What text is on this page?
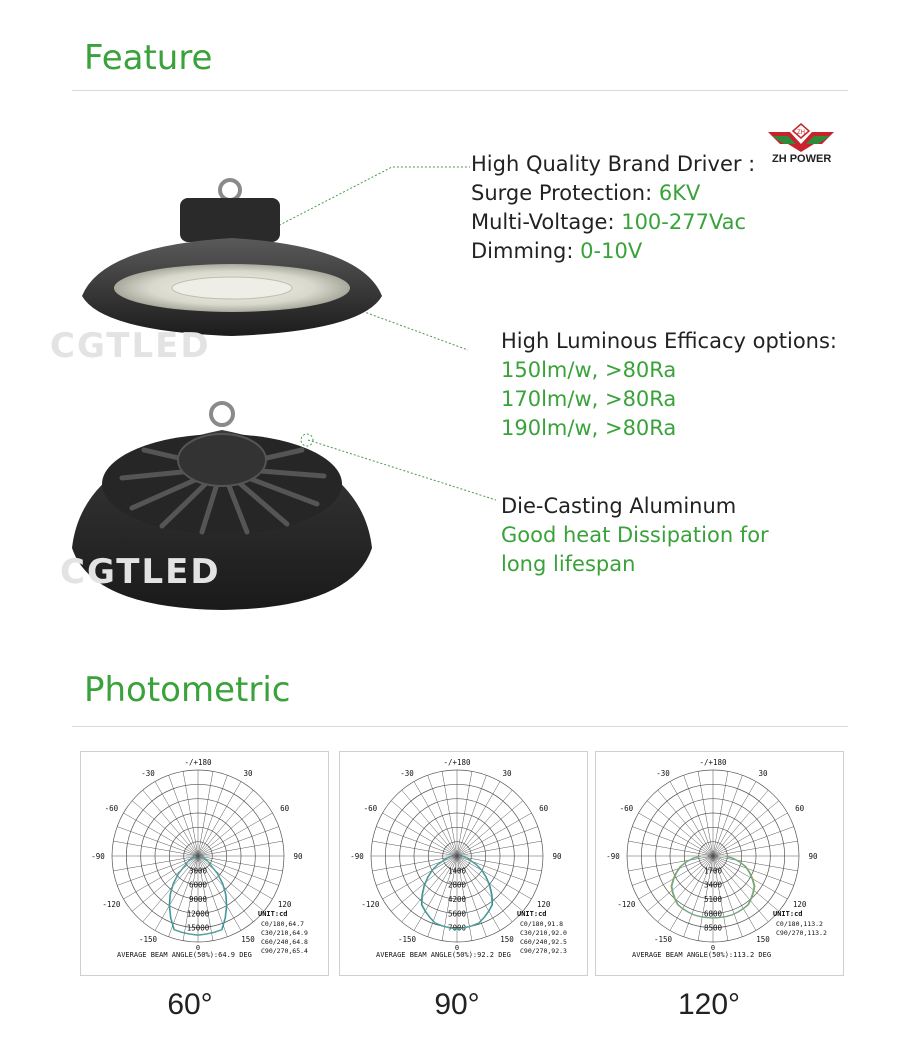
Feature
CGTLED
CGTLED
ZH
ZH POWER
High Quality Brand Driver :
Surge Protection: 6KV
Multi-Voltage: 100-277Vac
Dimming: 0-10V
High Luminous Efficacy options:
150lm/w, >80Ra
170lm/w, >80Ra
190lm/w, >80Ra
Die-Casting Aluminum
Good heat Dissipation for
long lifespan
Photometric
-/+180
-150	150
-120	120
-90	90
-60	60
-30	30
3000
6000
9000
12000
15000
0
UNIT:cd
C0/180,64.7
C30/210,64.9
C60/240,64.8
C90/270,65.4
AVERAGE BEAM ANGLE(50%):64.9 DEG
-/+180
-150	150
-120	120
-90	90
-60	60
-30	30
1400
2800
4200
5600
7000
0
UNIT:cd
C0/180,91.8
C30/210,92.0
C60/240,92.5
C90/270,92.3
AVERAGE BEAM ANGLE(50%):92.2 DEG
-/+180
-150	150
-120	120
-90	90
-60	60
-30	30
1700
3400
5100
6800
8500
0
UNIT:cd
C0/180,113.2
C90/270,113.2
AVERAGE BEAM ANGLE(50%):113.2 DEG
60°	90°	120°
